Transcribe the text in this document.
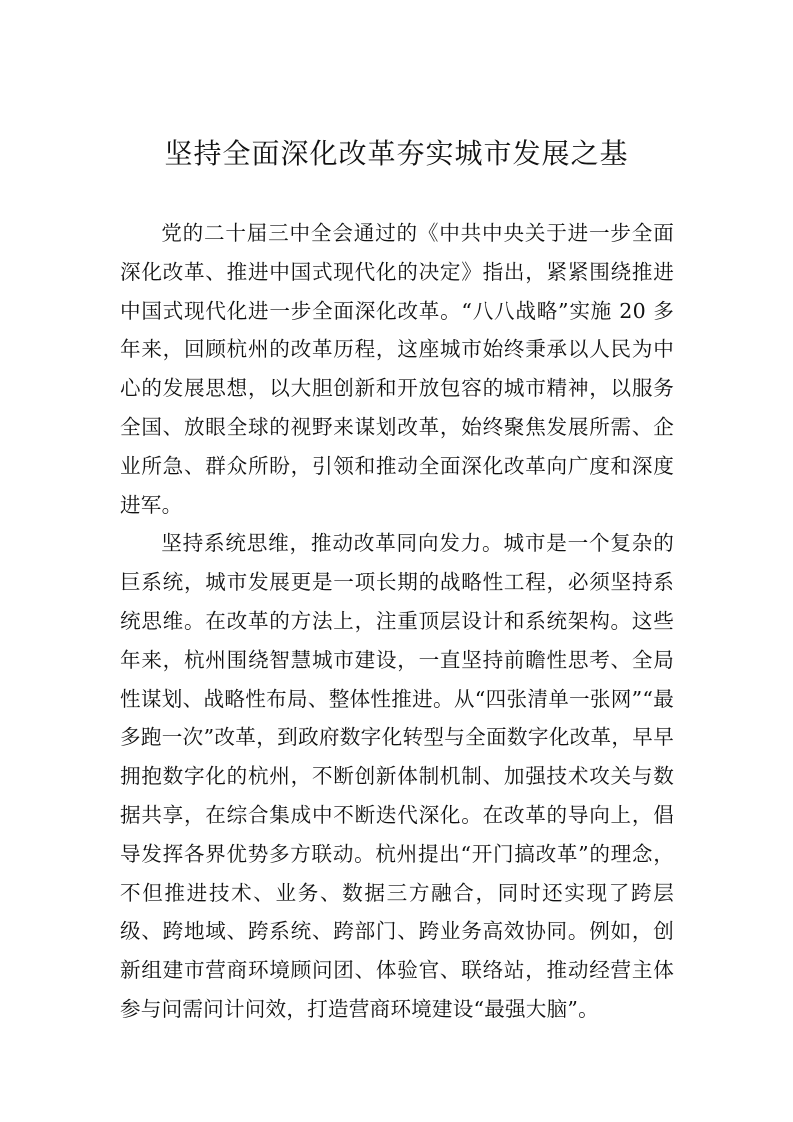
坚持全面深化改革夯实城市发展之基

党的二十届三中全会通过的《中共中央关于进一步全面深化改革、推进中国式现代化的决定》指出，紧紧围绕推进中国式现代化进一步全面深化改革。“八八战略”实施 20 多年来，回顾杭州的改革历程，这座城市始终秉承以人民为中心的发展思想，以大胆创新和开放包容的城市精神，以服务全国、放眼全球的视野来谋划改革，始终聚焦发展所需、企业所急、群众所盼，引领和推动全面深化改革向广度和深度进军。

坚持系统思维，推动改革同向发力。城市是一个复杂的巨系统，城市发展更是一项长期的战略性工程，必须坚持系统思维。在改革的方法上，注重顶层设计和系统架构。这些年来，杭州围绕智慧城市建设，一直坚持前瞻性思考、全局性谋划、战略性布局、整体性推进。从“四张清单一张网”“最多跑一次”改革，到政府数字化转型与全面数字化改革，早早拥抱数字化的杭州，不断创新体制机制、加强技术攻关与数据共享，在综合集成中不断迭代深化。在改革的导向上，倡导发挥各界优势多方联动。杭州提出“开门搞改革”的理念，不但推进技术、业务、数据三方融合，同时还实现了跨层级、跨地域、跨系统、跨部门、跨业务高效协同。例如，创新组建市营商环境顾问团、体验官、联络站，推动经营主体参与问需问计问效，打造营商环境建设“最强大脑”。
